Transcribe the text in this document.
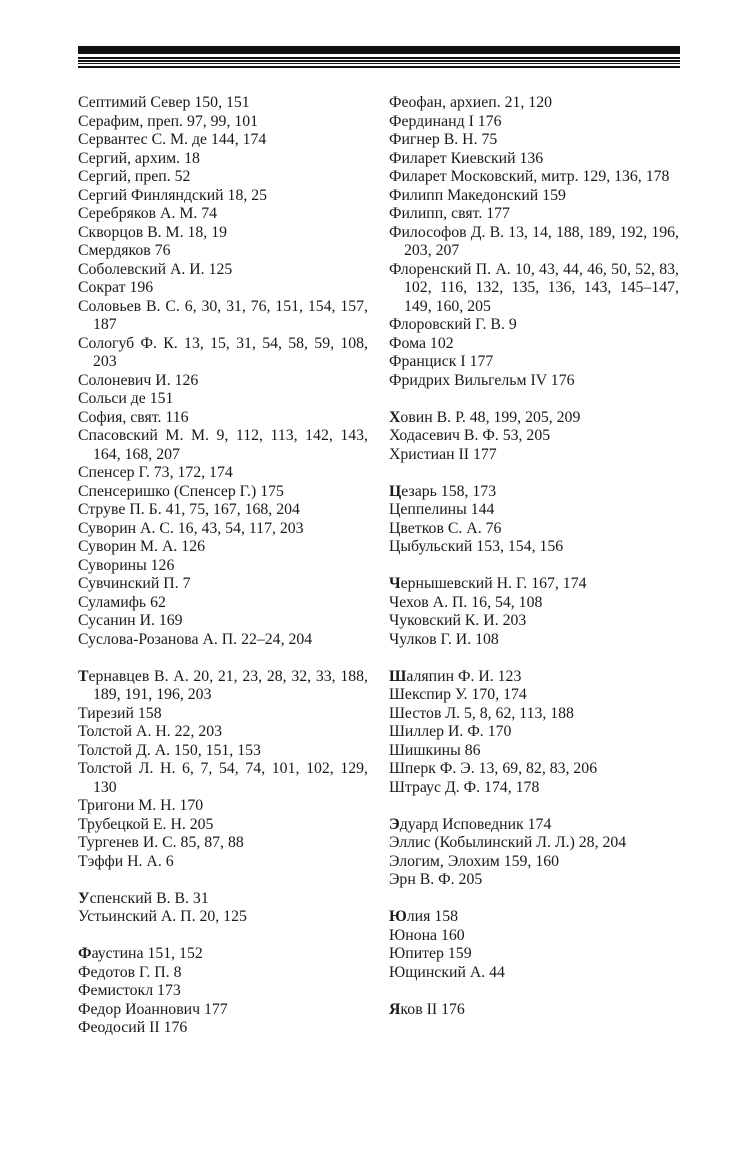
Септимий Север 150, 151
Серафим, преп. 97, 99, 101
Сервантес С. М. де 144, 174
Сергий, архим. 18
Сергий, преп. 52
Сергий Финляндский 18, 25
Серебряков А. М. 74
Скворцов В. М. 18, 19
Смердяков 76
Соболевский А. И. 125
Сократ 196
Соловьев В. С. 6, 30, 31, 76, 151, 154, 157, 187
Сологуб Ф. К. 13, 15, 31, 54, 58, 59, 108, 203
Солоневич И. 126
Сольси де 151
София, свят. 116
Спасовский М. М. 9, 112, 113, 142, 143, 164, 168, 207
Спенсер Г. 73, 172, 174
Спенсеришко (Спенсер Г.) 175
Струве П. Б. 41, 75, 167, 168, 204
Суворин А. С. 16, 43, 54, 117, 203
Суворин М. А. 126
Суворины 126
Сувчинский П. 7
Суламифь 62
Сусанин И. 169
Суслова-Розанова А. П. 22–24, 204
Тернавцев В. А. 20, 21, 23, 28, 32, 33, 188, 189, 191, 196, 203
Тирезий 158
Толстой А. Н. 22, 203
Толстой Д. А. 150, 151, 153
Толстой Л. Н. 6, 7, 54, 74, 101, 102, 129, 130
Тригони М. Н. 170
Трубецкой Е. Н. 205
Тургенев И. С. 85, 87, 88
Тэффи Н. А. 6
Успенский В. В. 31
Устьинский А. П. 20, 125
Фаустина 151, 152
Федотов Г. П. 8
Фемистокл 173
Федор Иоаннович 177
Феодосий II 176
Феофан, архиеп. 21, 120
Фердинанд I 176
Фигнер В. Н. 75
Филарет Киевский 136
Филарет Московский, митр. 129, 136, 178
Филипп Македонский 159
Филипп, свят. 177
Философов Д. В. 13, 14, 188, 189, 192, 196, 203, 207
Флоренский П. А. 10, 43, 44, 46, 50, 52, 83, 102, 116, 132, 135, 136, 143, 145–147, 149, 160, 205
Флоровский Г. В. 9
Фома 102
Франциск I 177
Фридрих Вильгельм IV 176
Ховин В. Р. 48, 199, 205, 209
Ходасевич В. Ф. 53, 205
Христиан II 177
Цезарь 158, 173
Цеппелины 144
Цветков С. А. 76
Цыбульский 153, 154, 156
Чернышевский Н. Г. 167, 174
Чехов А. П. 16, 54, 108
Чуковский К. И. 203
Чулков Г. И. 108
Шаляпин Ф. И. 123
Шекспир У. 170, 174
Шестов Л. 5, 8, 62, 113, 188
Шиллер И. Ф. 170
Шишкины 86
Шперк Ф. Э. 13, 69, 82, 83, 206
Штраус Д. Ф. 174, 178
Эдуард Исповедник 174
Эллис (Кобылинский Л. Л.) 28, 204
Элогим, Элохим 159, 160
Эрн В. Ф. 205
Юлия 158
Юнона 160
Юпитер 159
Ющинский А. 44
Яков II 176
